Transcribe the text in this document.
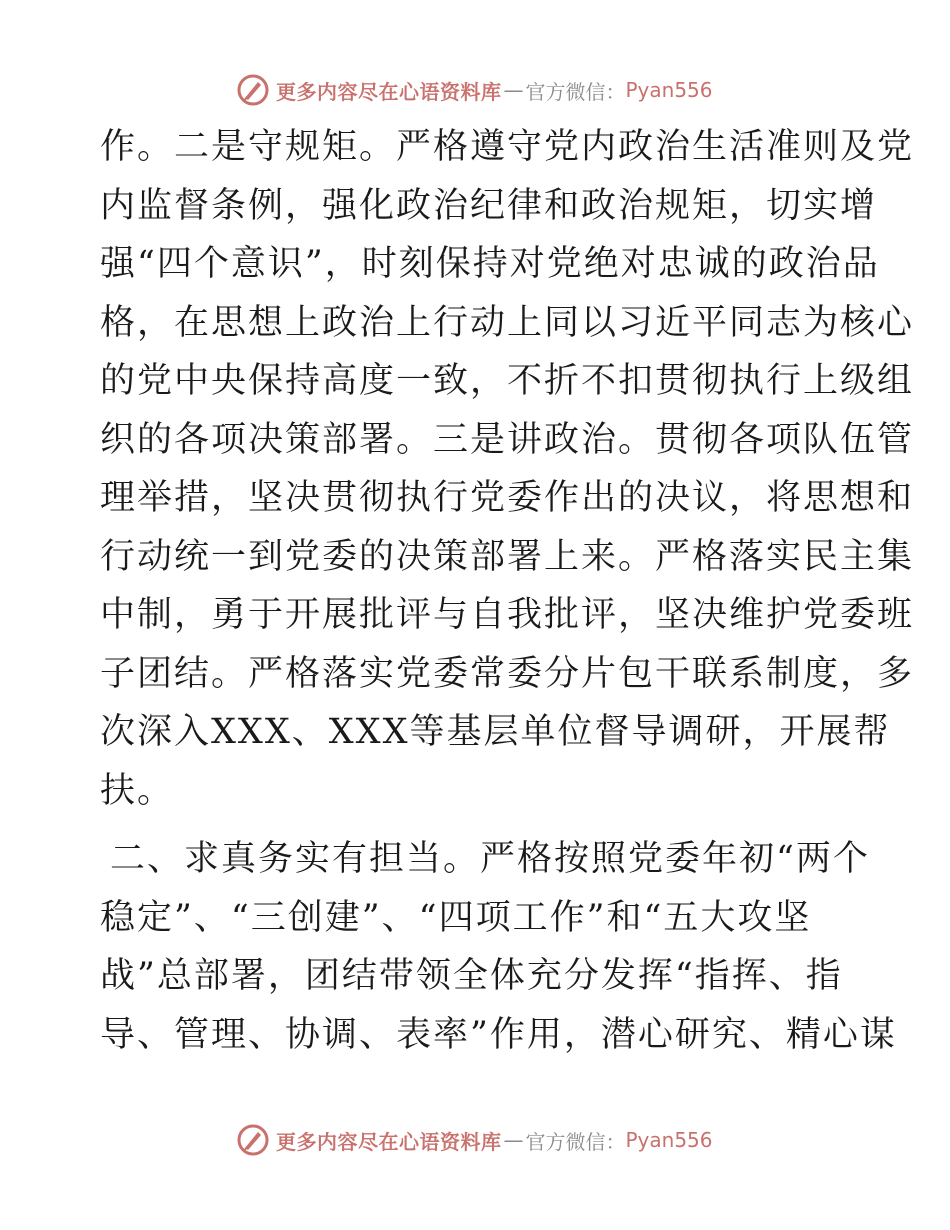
更多内容尽在心语资料库 — 官方微信： Pyan556
作。二是守规矩。严格遵守党内政治生活准则及党
内监督条例，强化政治纪律和政治规矩，切实增
强“四个意识”，时刻保持对党绝对忠诚的政治品
格，在思想上政治上行动上同以习近平同志为核心
的党中央保持高度一致，不折不扣贯彻执行上级组
织的各项决策部署。三是讲政治。贯彻各项队伍管
理举措，坚决贯彻执行党委作出的决议，将思想和
行动统一到党委的决策部署上来。严格落实民主集
中制，勇于开展批评与自我批评，坚决维护党委班
子团结。严格落实党委常委分片包干联系制度，多
次深入XXX、XXX等基层单位督导调研，开展帮
扶。
二、求真务实有担当。严格按照党委年初“两个
稳定”、“三创建”、“四项工作”和“五大攻坚
战”总部署，团结带领全体充分发挥“指挥、指
导、管理、协调、表率”作用，潜心研究、精心谋
更多内容尽在心语资料库 — 官方微信： Pyan556
